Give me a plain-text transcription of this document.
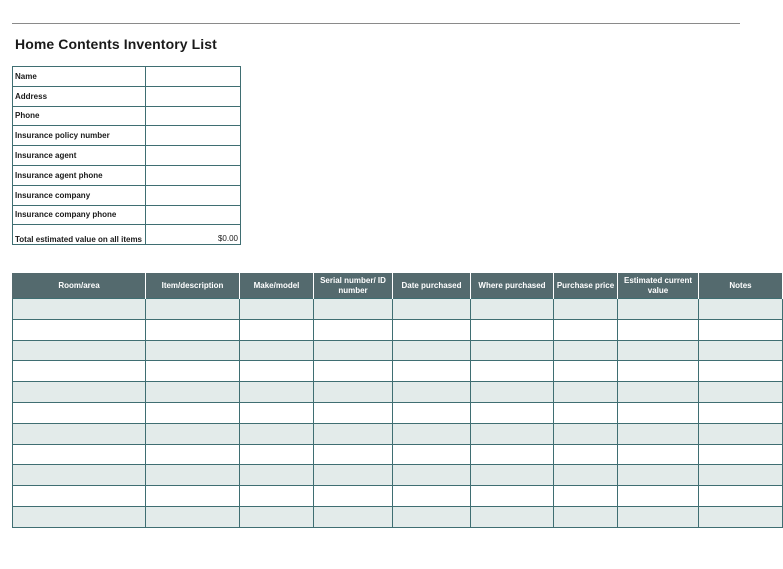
Home Contents Inventory List
Name	
Address	
Phone	
Insurance policy number	
Insurance agent	
Insurance agent phone	
Insurance company	
Insurance company phone	
Total estimated value on all items	$0.00
Room/area	Item/description	Make/model	Serial number/ ID number	Date purchased	Where purchased	Purchase price	Estimated current value	Notes
